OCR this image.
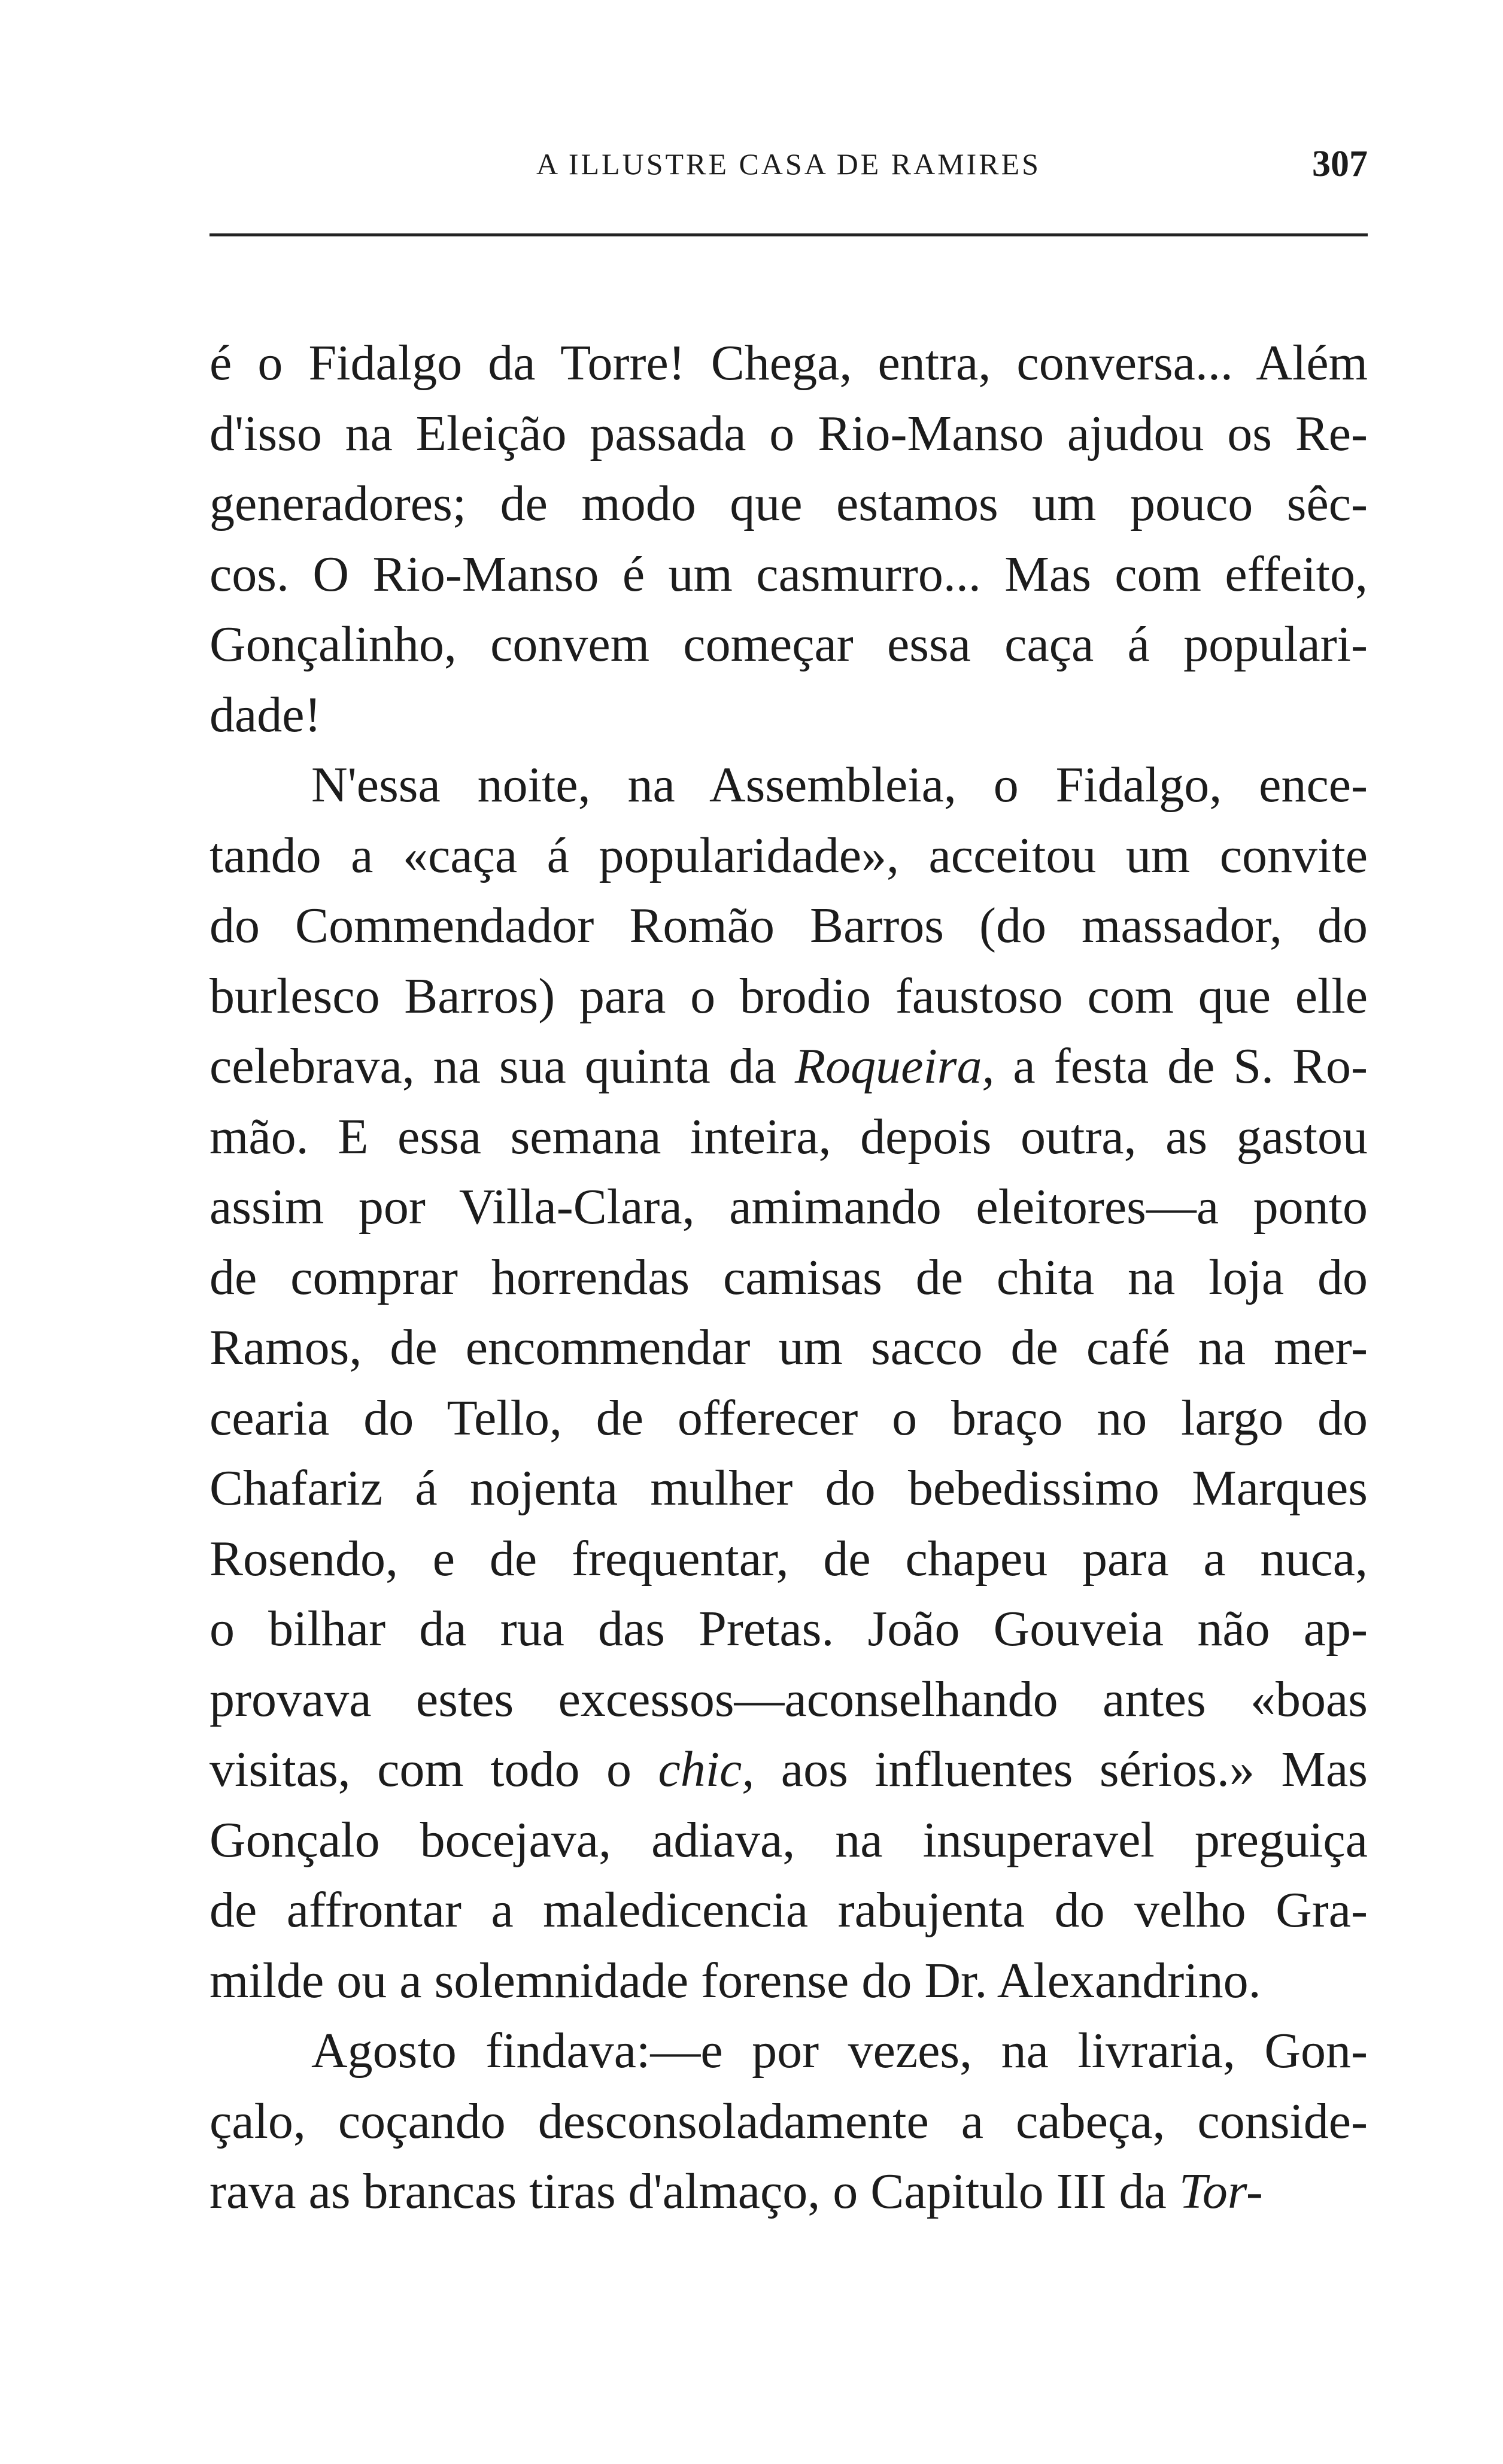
A ILLUSTRE CASA DE RAMIRES	307
é o Fidalgo da Torre! Chega, entra, conversa... Além
d'isso na Eleição passada o Rio-Manso ajudou os Re-
generadores; de modo que estamos um pouco sêc-
cos. O Rio-Manso é um casmurro... Mas com effeito,
Gonçalinho, convem começar essa caça á populari-
dade!
N'essa noite, na Assembleia, o Fidalgo, ence-
tando a «caça á popularidade», acceitou um convite
do Commendador Romão Barros (do massador, do
burlesco Barros) para o brodio faustoso com que elle
celebrava, na sua quinta da Roqueira, a festa de S. Ro-
mão. E essa semana inteira, depois outra, as gastou
assim por Villa-Clara, amimando eleitores—a ponto
de comprar horrendas camisas de chita na loja do
Ramos, de encommendar um sacco de café na mer-
cearia do Tello, de offerecer o braço no largo do
Chafariz á nojenta mulher do bebedissimo Marques
Rosendo, e de frequentar, de chapeu para a nuca,
o bilhar da rua das Pretas. João Gouveia não ap-
provava estes excessos—aconselhando antes «boas
visitas, com todo o chic, aos influentes sérios.» Mas
Gonçalo bocejava, adiava, na insuperavel preguiça
de affrontar a maledicencia rabujenta do velho Gra-
milde ou a solemnidade forense do Dr. Alexandrino.
Agosto findava:—e por vezes, na livraria, Gon-
çalo, coçando desconsoladamente a cabeça, conside-
rava as brancas tiras d'almaço, o Capitulo III da Tor-
